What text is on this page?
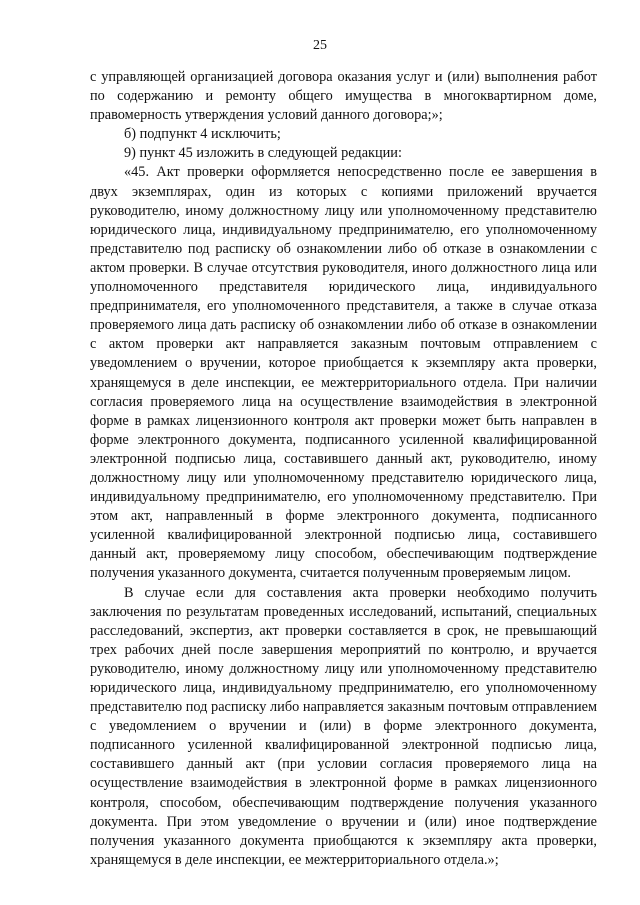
25

с управляющей организацией договора оказания услуг и (или) выполнения работ по содержанию и ремонту общего имущества в многоквартирном доме, правомерность утверждения условий данного договора;»;

б) подпункт 4 исключить;

9) пункт 45 изложить в следующей редакции:

«45. Акт проверки оформляется непосредственно после ее завершения в двух экземплярах, один из которых с копиями приложений вручается руководителю, иному должностному лицу или уполномоченному представителю юридического лица, индивидуальному предпринимателю, его уполномоченному представителю под расписку об ознакомлении либо об отказе в ознакомлении с актом проверки. В случае отсутствия руководителя, иного должностного лица или уполномоченного представителя юридического лица, индивидуального предпринимателя, его уполномоченного представителя, а также в случае отказа проверяемого лица дать расписку об ознакомлении либо об отказе в ознакомлении с актом проверки акт направляется заказным почтовым отправлением с уведомлением о вручении, которое приобщается к экземпляру акта проверки, хранящемуся в деле инспекции, ее межтерриториального отдела. При наличии согласия проверяемого лица на осуществление взаимодействия в электронной форме в рамках лицензионного контроля акт проверки может быть направлен в форме электронного документа, подписанного усиленной квалифицированной электронной подписью лица, составившего данный акт, руководителю, иному должностному лицу или уполномоченному представителю юридического лица, индивидуальному предпринимателю, его уполномоченному представителю. При этом акт, направленный в форме электронного документа, подписанного усиленной квалифицированной электронной подписью лица, составившего данный акт, проверяемому лицу способом, обеспечивающим подтверждение получения указанного документа, считается полученным проверяемым лицом.

В случае если для составления акта проверки необходимо получить заключения по результатам проведенных исследований, испытаний, специальных расследований, экспертиз, акт проверки составляется в срок, не превышающий трех рабочих дней после завершения мероприятий по контролю, и вручается руководителю, иному должностному лицу или уполномоченному представителю юридического лица, индивидуальному предпринимателю, его уполномоченному представителю под расписку либо направляется заказным почтовым отправлением с уведомлением о вручении и (или) в форме электронного документа, подписанного усиленной квалифицированной электронной подписью лица, составившего данный акт (при условии согласия проверяемого лица на осуществление взаимодействия в электронной форме в рамках лицензионного контроля, способом, обеспечивающим подтверждение получения указанного документа. При этом уведомление о вручении и (или) иное подтверждение получения указанного документа приобщаются к экземпляру акта проверки, хранящемуся в деле инспекции, ее межтерриториального отдела.»;
